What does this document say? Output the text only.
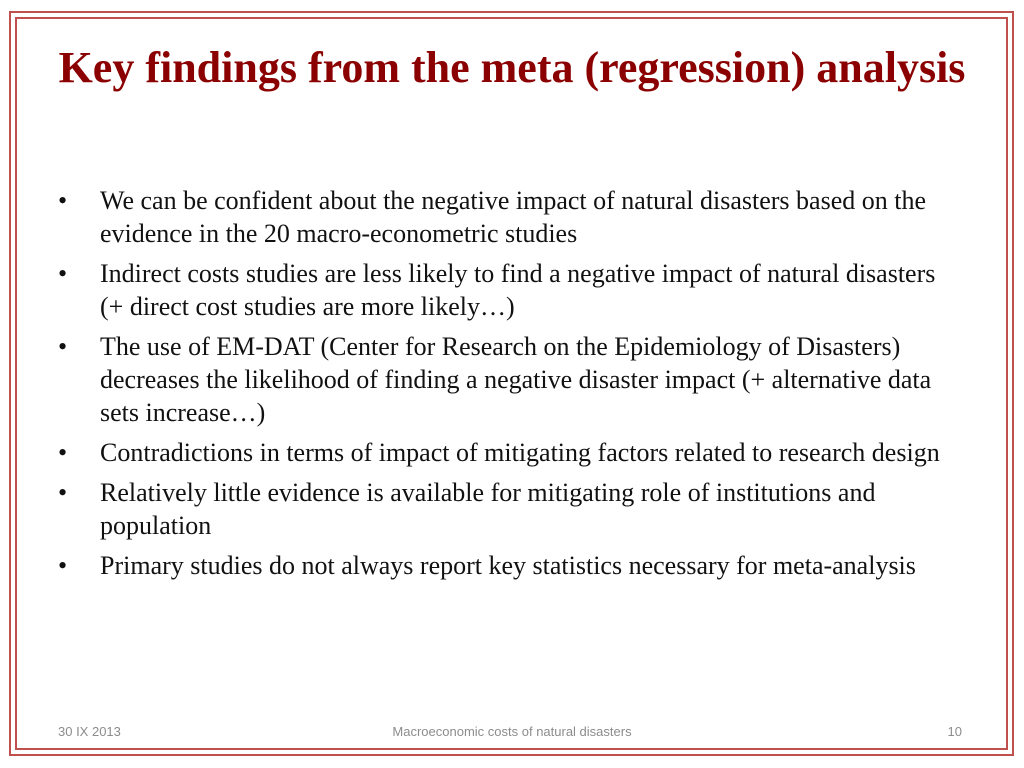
Key findings from the meta (regression) analysis
•	We can be confident about the negative impact of natural disasters based on the evidence in the 20 macro-econometric studies
•	Indirect costs studies are less likely to find a negative impact of natural disasters (+ direct cost studies are more likely…)
•	The use of EM-DAT (Center for Research on the Epidemiology of Disasters) decreases the likelihood of finding a negative disaster impact (+ alternative data sets increase…)
•	Contradictions in terms of impact of mitigating factors related to research design
•	Relatively little evidence is available for mitigating role of institutions and population
•	Primary studies do not always report key statistics necessary for meta-analysis
30 IX 2013	Macroeconomic costs of natural disasters	10
